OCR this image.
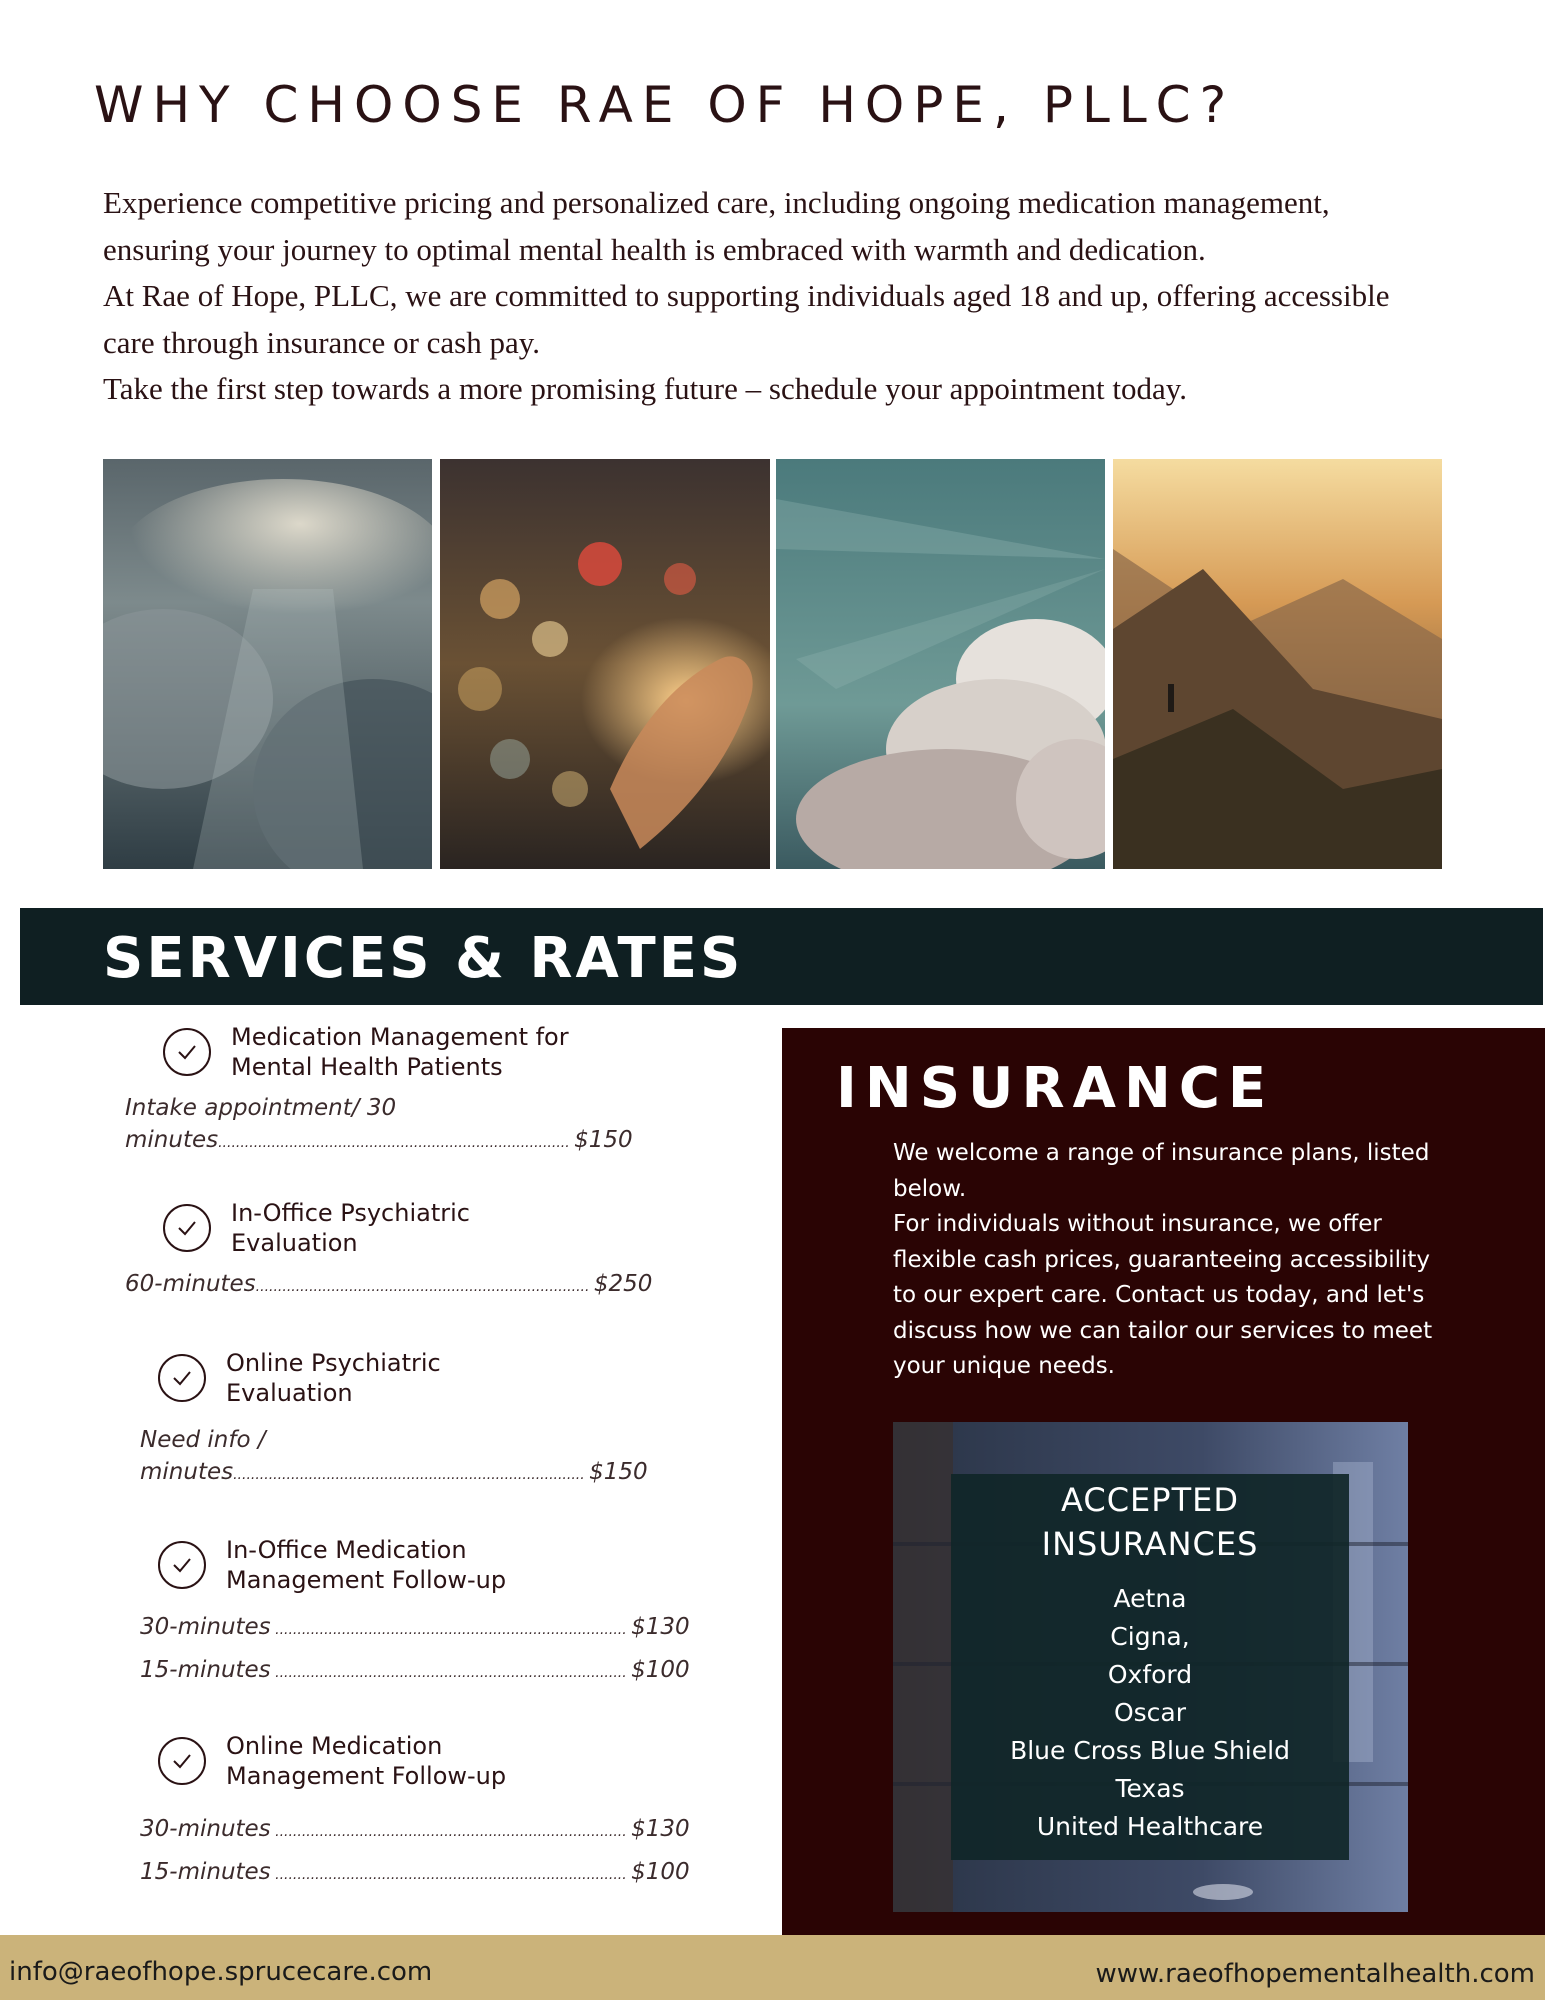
WHY CHOOSE RAE OF HOPE, PLLC?

Experience competitive pricing and personalized care, including ongoing medication management,

ensuring your journey to optimal mental health is embraced with warmth and dedication.

At Rae of Hope, PLLC, we are committed to supporting individuals aged 18 and up, offering accessible

care through insurance or cash pay.

Take the first step towards a more promising future – schedule your appointment today.

SERVICES & RATES
Medication Management for Mental Health Patients
Intake appointment/ 30
minutes............................................................................... $150
In-Office Psychiatric Evaluation
60-minutes........................................................................... $250
Online Psychiatric Evaluation
Need info /
minutes............................................................................... $150
In-Office Medication Management Follow-up
30-minutes ............................................................................... $130
15-minutes ............................................................................... $100
Online Medication Management Follow-up
30-minutes ............................................................................... $130
15-minutes ............................................................................... $100
INSURANCE

We welcome a range of insurance plans, listed below.

For individuals without insurance, we offer flexible cash prices, guaranteeing accessibility to our expert care. Contact us today, and let's discuss how we can tailor our services to meet your unique needs.

ACCEPTED INSURANCES
Aetna
Cigna,
Oxford
Oscar
Blue Cross Blue Shield
Texas
United Healthcare
info@raeofhope.sprucecare.com	www.raeofhopementalhealth.com
